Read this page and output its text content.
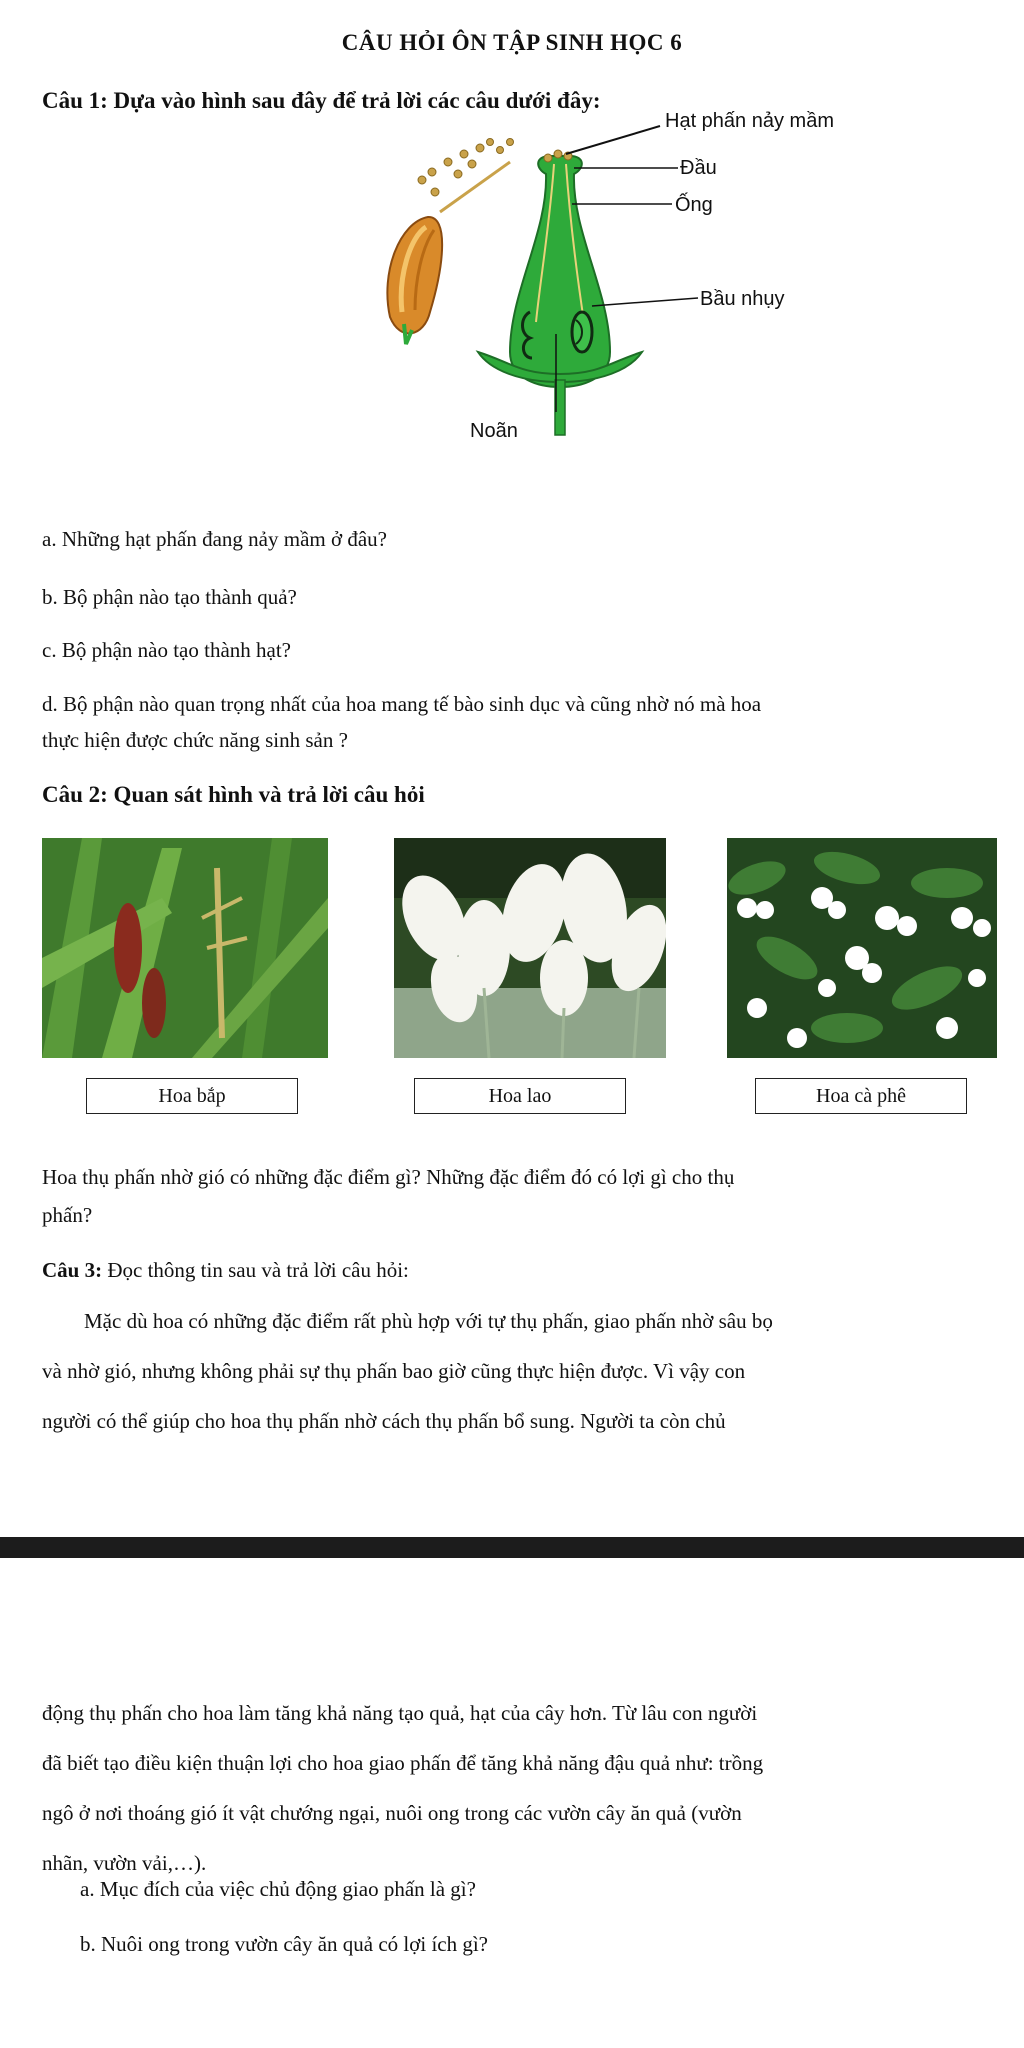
CÂU HỎI ÔN TẬP SINH HỌC 6
Câu 1: Dựa vào hình sau đây để trả lời các câu dưới đây:
Hạt phấn nảy mầm
Đầu
Ống
Bầu nhụy
Noãn
a. Những hạt phấn đang nảy mầm ở đâu?
b. Bộ phận nào tạo thành quả?
c. Bộ phận nào tạo thành hạt?
d. Bộ phận nào quan trọng nhất của hoa mang tế bào sinh dục và cũng nhờ nó mà hoa
thực hiện được chức năng sinh sản ?
Câu 2: Quan sát hình và trả lời câu hỏi
Hoa bắp	Hoa lao	Hoa cà phê
Hoa thụ phấn nhờ gió có những đặc điểm gì? Những đặc điểm đó có lợi gì cho thụ
phấn?
Câu 3: Đọc thông tin sau và trả lời câu hỏi:
Mặc dù hoa có những đặc điểm rất phù hợp với tự thụ phấn, giao phấn nhờ sâu bọ
và nhờ gió, nhưng không phải sự thụ phấn bao giờ cũng thực hiện được. Vì vậy con
người có thể giúp cho hoa thụ phấn nhờ cách thụ phấn bổ sung. Người ta còn chủ
động thụ phấn cho hoa làm tăng khả năng tạo quả, hạt của cây hơn. Từ lâu con người
đã biết tạo điều kiện thuận lợi cho hoa giao phấn để tăng khả năng đậu quả như: trồng
ngô ở nơi thoáng gió ít vật chướng ngại, nuôi ong trong các vườn cây ăn quả (vườn
nhãn, vườn vải,…).
a. Mục đích của việc chủ động giao phấn là gì?
b. Nuôi ong trong vườn cây ăn quả có lợi ích gì?
